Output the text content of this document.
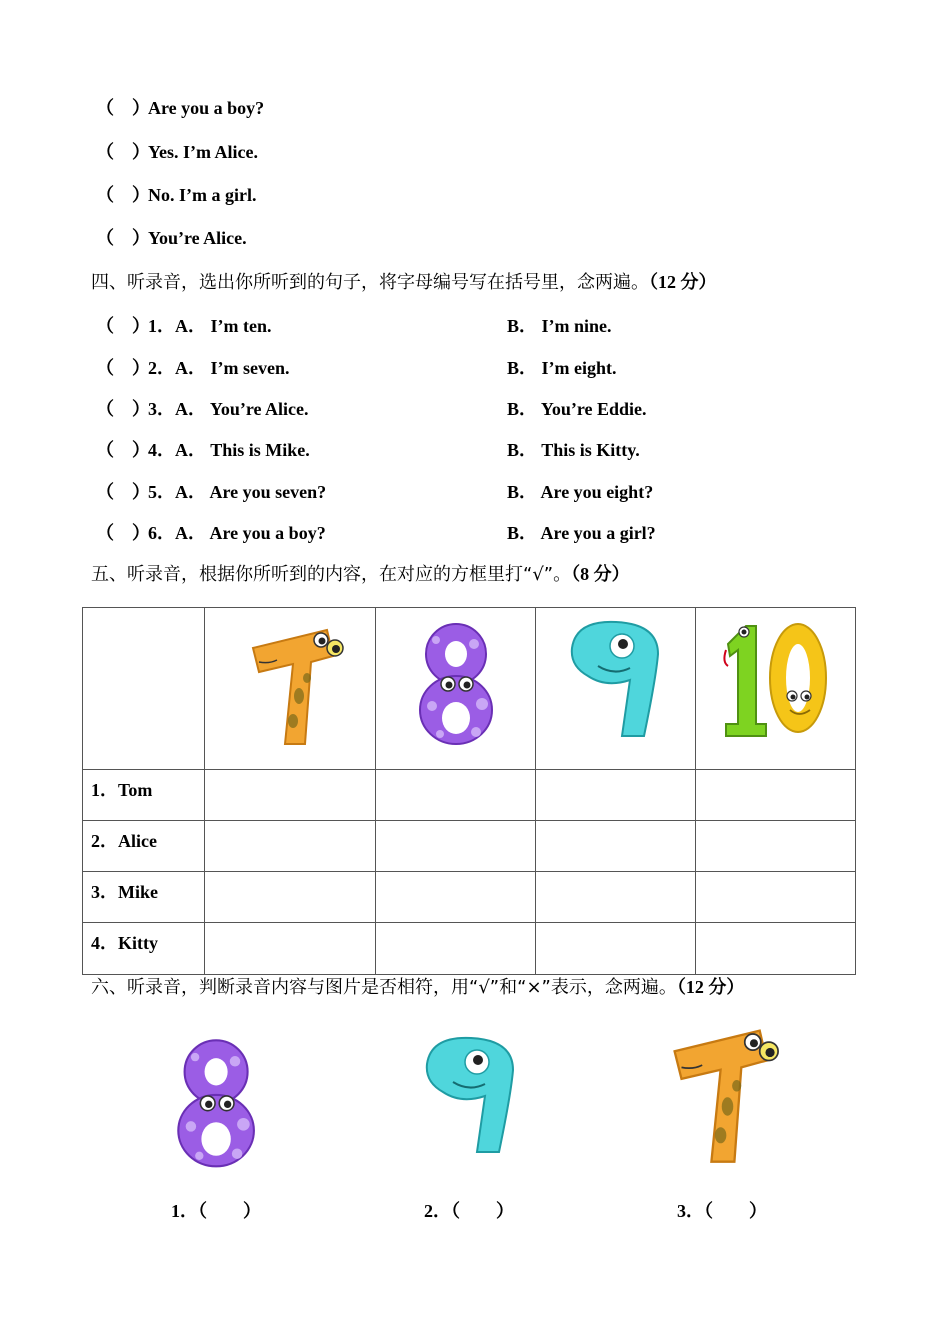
（　）Are you a boy?
（　）Yes. I’m Alice.
（　）No. I’m a girl.
（　）You’re Alice.
四、听录音，选出你所听到的句子，将字母编号写在括号里，念两遍。（12 分）
（　）1．A． I’m ten.	B． I’m nine.
（　）2．A． I’m seven.	B． I’m eight.
（　）3．A． You’re Alice.	B． You’re Eddie.
（　）4．A． This is Mike.	B． This is Kitty.
（　）5．A． Are you seven?	B． Are you eight?
（　）6．A． Are you a boy?	B． Are you a girl?
五、听录音，根据你所听到的内容，在对应的方框里打“√”。（8 分）

1．Tom				
2．Alice				
3．Mike				
4．Kitty				
六、听录音，判断录音内容与图片是否相符，用“√”和“×”表示，念两遍。（12 分）
1．（　　）	2．（　　）	3．（　　）
